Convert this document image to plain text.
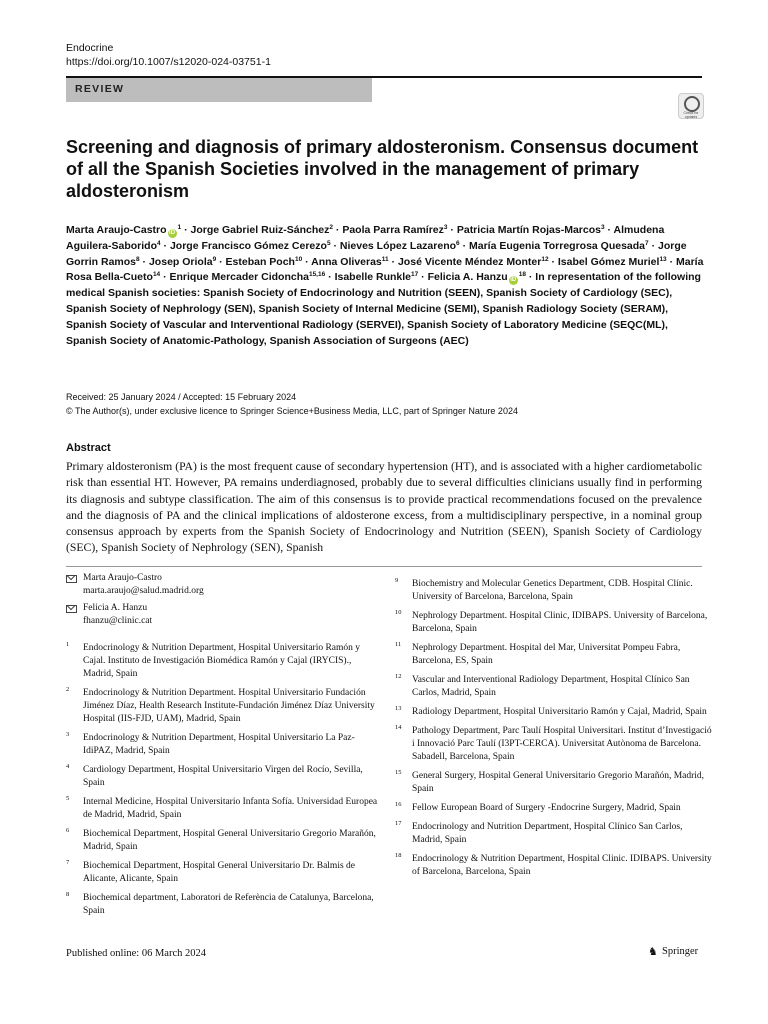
Endocrine
https://doi.org/10.1007/s12020-024-03751-1
REVIEW
Check for updates
Screening and diagnosis of primary aldosteronism. Consensus document of all the Spanish Societies involved in the management of primary aldosteronism

Marta Araujo-Castro $iD^1$ · Jorge Gabriel Ruiz-Sánchez$^2$ · Paola Parra Ramírez$^3$ · Patricia Martín Rojas-Marcos$^3$ · Almudena Aguilera-Saborido$^4$ · Jorge Francisco Gómez Cerezo$^5$ · Nieves López Lazareno$^6$ · María Eugenia Torregrosa Quesada$^7$ · Jorge Gorrin Ramos$^8$ · Josep Oriola$^9$ · Esteban Poch$^{10}$ · Anna Oliveras$^{11}$ · José Vicente Méndez Monter$^{12}$ · Isabel Gómez Muriel$^{13}$ · María Rosa Bella-Cueto$^{14}$ · Enrique Mercader Cidoncha$^{15,16}$ · Isabelle Runkle$^{17}$ · Felicia A. Hanzu $iD^{18} \cdot In$ representation of the following medical Spanish societies: Spanish Society of Endocrinology and Nutrition (SEEN), Spanish Society of Cardiology (SEC), Spanish Society of Nephrology (SEN), Spanish Society of Internal Medicine (SEMI), Spanish Radiology Society (SERAM), Spanish Society of Vascular and Interventional Radiology (SERVEI), Spanish Society of Laboratory Medicine (SEQC(ML), Spanish Society of Anatomic-Pathology, Spanish Association of Surgeons (AEC)

Received: 25 January 2024 / Accepted: 15 February 2024
© The Author(s), under exclusive licence to Springer Science+Business Media, LLC, part of Springer Nature 2024
Abstract

Primary aldosteronism (PA) is the most frequent cause of secondary hypertension (HT), and is associated with a higher cardiometabolic risk than essential HT. However, PA remains underdiagnosed, probably due to several difficulties clinicians usually find in performing its diagnosis and subtype classification. The aim of this consensus is to provide practical recommendations focused on the prevalence and the diagnosis of PA and the clinical implications of aldosterone excess, from a multidisciplinary perspective, in a nominal group consensus approach by experts from the Spanish Society of Endocrinology and Nutrition (SEEN), Spanish Society of Cardiology (SEC), Spanish Society of Nephrology (SEN), Spanish

Marta Araujo-Castro
marta.araujo@salud.madrid.org
Felicia A. Hanzu
fhanzu@clinic.cat
1 Endocrinology & Nutrition Department, Hospital Universitario Ramón y Cajal. Instituto de Investigación Biomédica Ramón y Cajal (IRYCIS)., Madrid, Spain
2 Endocrinology & Nutrition Department. Hospital Universitario Fundación Jiménez Díaz, Health Research Institute-Fundación Jiménez Díaz University Hospital (IIS-FJD, UAM), Madrid, Spain
3 Endocrinology & Nutrition Department, Hospital Universitario La Paz-IdiPAZ, Madrid, Spain
4 Cardiology Department, Hospital Universitario Virgen del Rocío, Sevilla, Spain
5 Internal Medicine, Hospital Universitario Infanta Sofía. Universidad Europea de Madrid, Madrid, Spain
6 Biochemical Department, Hospital General Universitario Gregorio Marañón, Madrid, Spain
7 Biochemical Department, Hospital General Universitario Dr. Balmis de Alicante, Alicante, Spain
8 Biochemical department, Laboratori de Referència de Catalunya, Barcelona, Spain
9 Biochemistry and Molecular Genetics Department, CDB. Hospital Clínic. University of Barcelona, Barcelona, Spain
10 Nephrology Department. Hospital Clinic, IDIBAPS. University of Barcelona, Barcelona, Spain
11 Nephrology Department. Hospital del Mar, Universitat Pompeu Fabra, Barcelona, ES, Spain
12 Vascular and Interventional Radiology Department, Hospital Clínico San Carlos, Madrid, Spain
13 Radiology Department, Hospital Universitario Ramón y Cajal, Madrid, Spain
14 Pathology Department, Parc Taulí Hospital Universitari. Institut d’Investigació i Innovació Parc Taulí (I3PT-CERCA). Universitat Autònoma de Barcelona. Sabadell, Barcelona, Spain
15 General Surgery, Hospital General Universitario Gregorio Marañón, Madrid, Spain
16 Fellow European Board of Surgery -Endocrine Surgery, Madrid, Spain
17 Endocrinology and Nutrition Department, Hospital Clínico San Carlos, Madrid, Spain
18 Endocrinology & Nutrition Department, Hospital Clinic. IDIBAPS. University of Barcelona, Barcelona, Spain
Published online: 06 March 2024	♞ Springer
